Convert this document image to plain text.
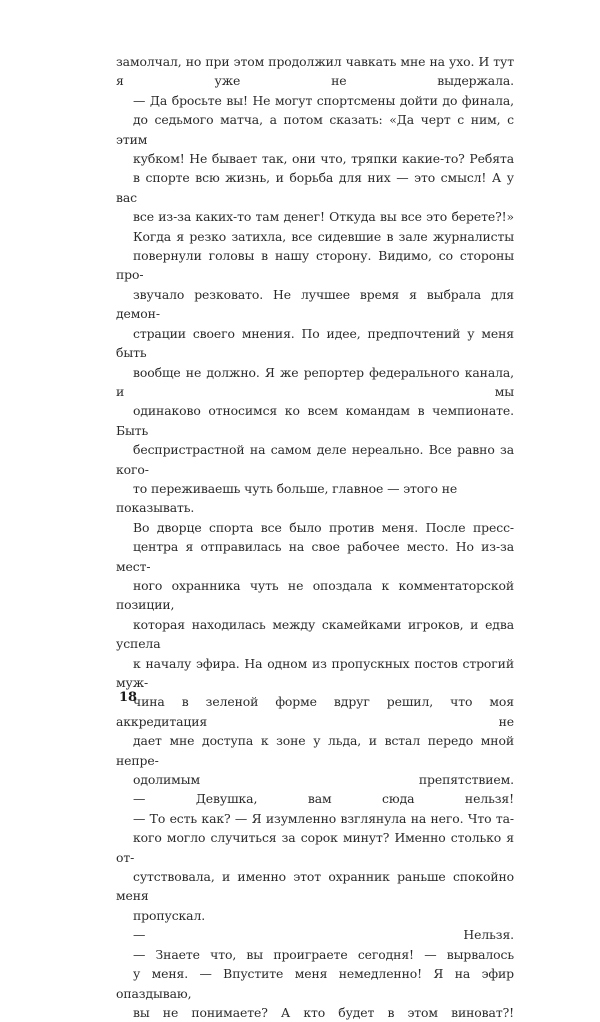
замолчал, но при этом продолжил чавкать мне на ухо. И тут
я уже не выдержала.
— Да бросьте вы! Не могут спортсмены дойти до финала,
до седьмого матча, а потом сказать: «Да черт с ним, с этим
кубком! Не бывает так, они что, тряпки какие-то? Ребята
в спорте всю жизнь, и борьба для них — это смысл! А у вас
все из-за каких-то там денег! Откуда вы все это берете?!»
Когда я резко затихла, все сидевшие в зале журналисты
повернули головы в нашу сторону. Видимо, со стороны про-
звучало резковато. Не лучшее время я выбрала для демон-
страции своего мнения. По идее, предпочтений у меня быть
вообще не должно. Я же репортер федерального канала, и мы
одинаково относимся ко всем командам в чемпионате. Быть
беспристрастной на самом деле нереально. Все равно за кого-
то переживаешь чуть больше, главное — этого не показывать.
Во дворце спорта все было против меня. После пресс-
центра я отправилась на свое рабочее место. Но из-за мест-
ного охранника чуть не опоздала к комментаторской позиции,
которая находилась между скамейками игроков, и едва успела
к началу эфира. На одном из пропускных постов строгий муж-
чина в зеленой форме вдруг решил, что моя аккредитация не
дает мне доступа к зоне у льда, и встал передо мной непре-
одолимым препятствием.
— Девушка, вам сюда нельзя!
— То есть как? — Я изумленно взглянула на него. Что та-
кого могло случиться за сорок минут? Именно столько я от-
сутствовала, и именно этот охранник раньше спокойно меня
пропускал.
— Нельзя.
— Знаете что, вы проиграете сегодня! — вырвалось
у меня. — Впустите меня немедленно! Я на эфир опаздываю,
вы не понимаете? А кто будет в этом виноват?!
18
